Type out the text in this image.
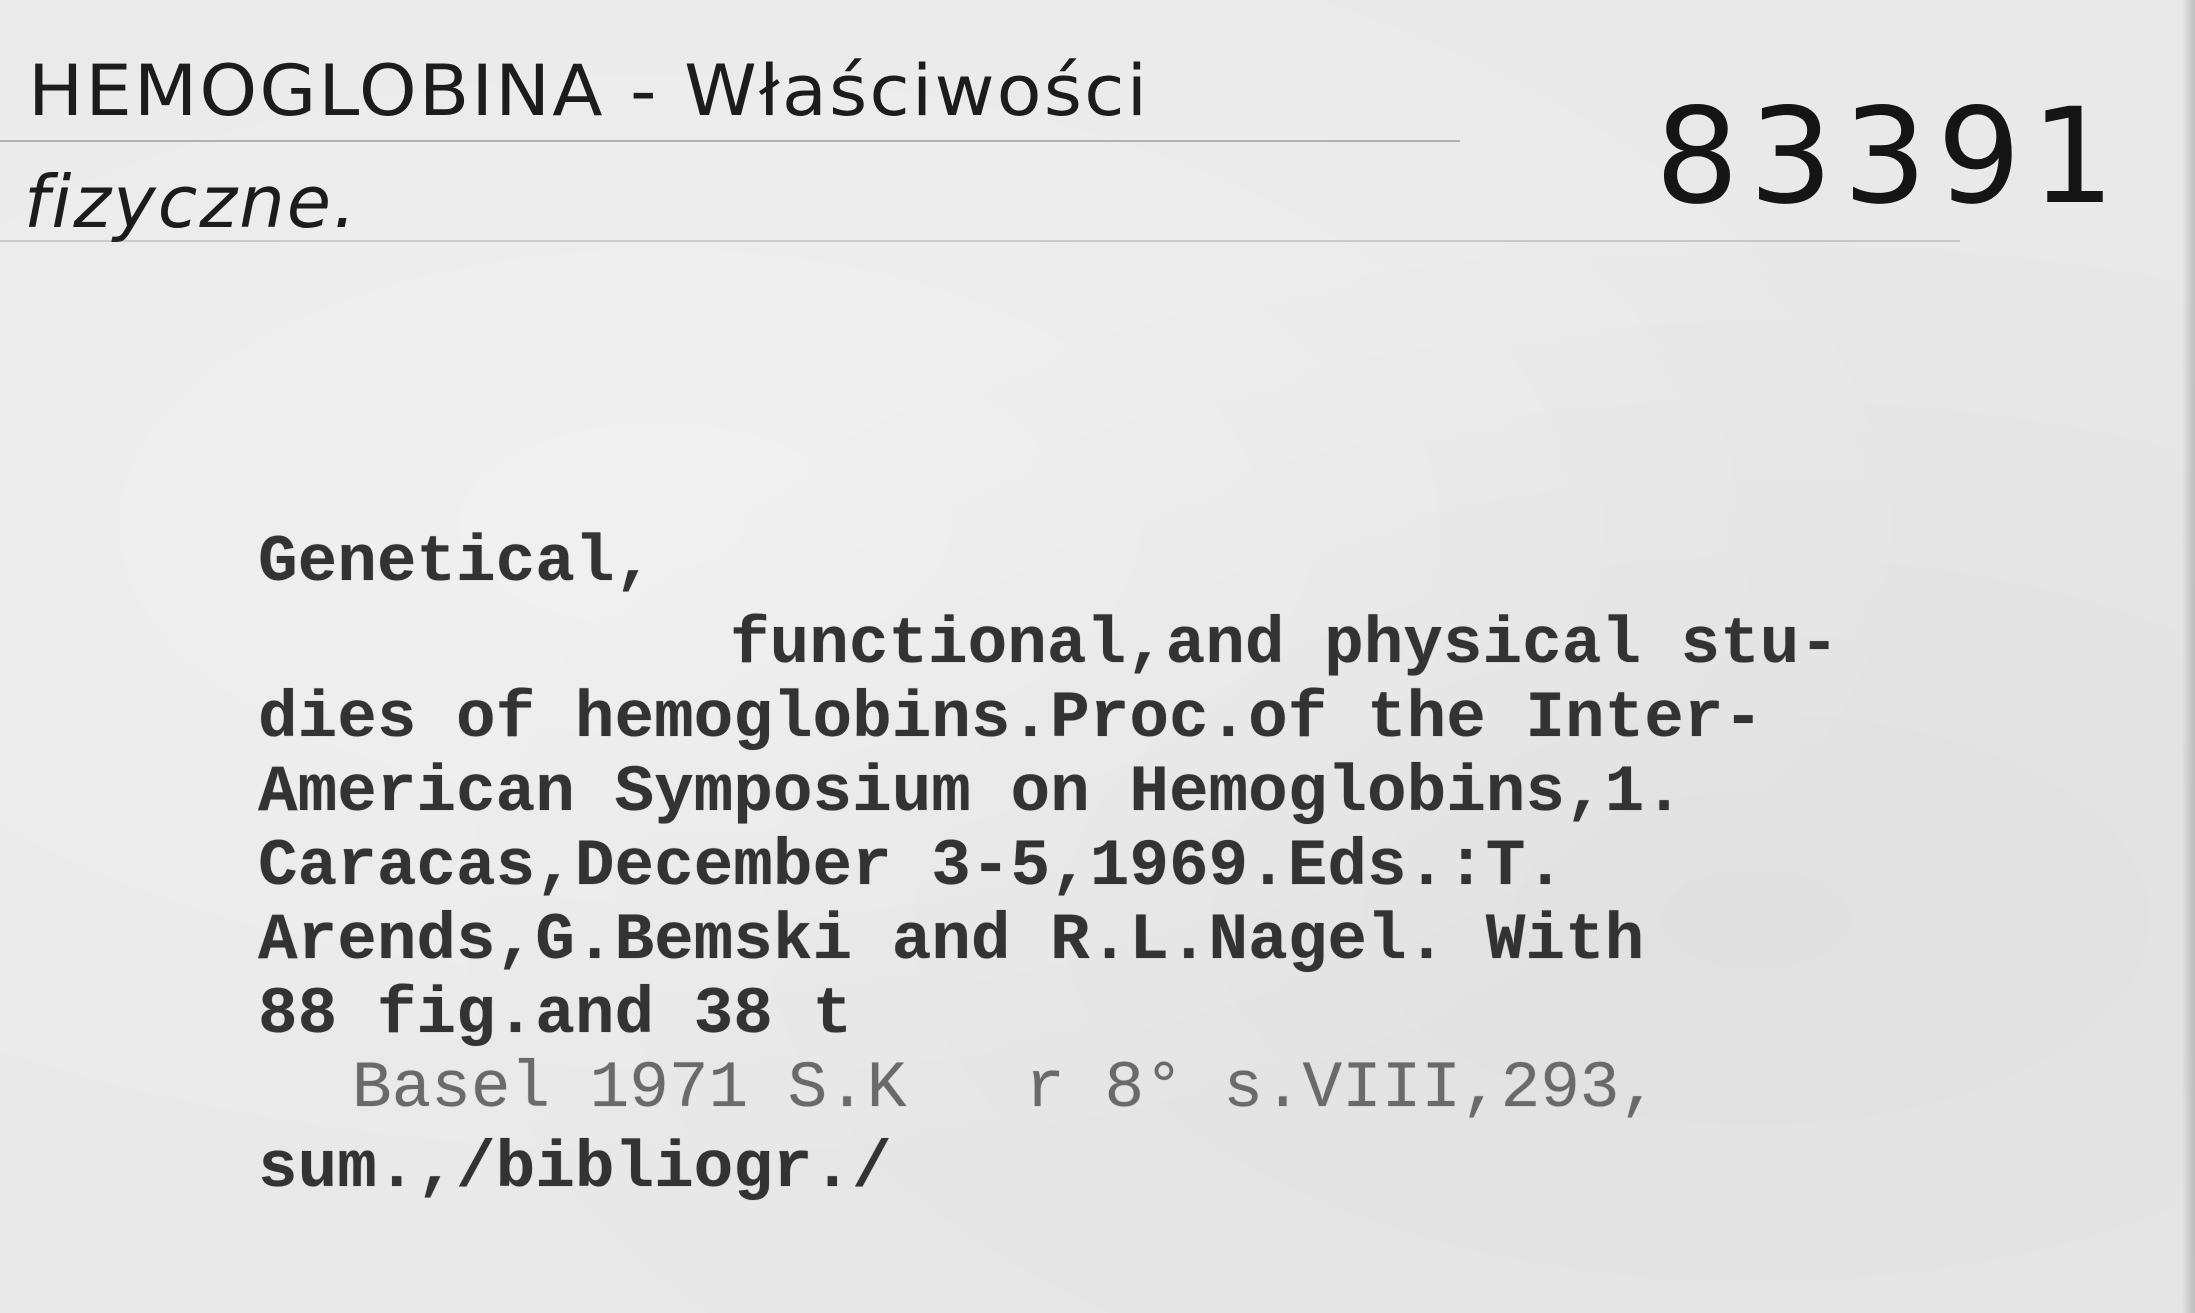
HEMOGLOBINA - Właściwości
fizyczne.	83391
Genetical,
functional,and physical stu-
dies of hemoglobins.Proc.of the Inter-
American Symposium on Hemoglobins,1.
Caracas,December 3-5,1969.Eds.:T.
Arends,G.Bemski and R.L.Nagel. With
88 fig.and 38 t
Basel 1971 S.K   r 8° s.VIII,293,
sum.,/bibliogr./
